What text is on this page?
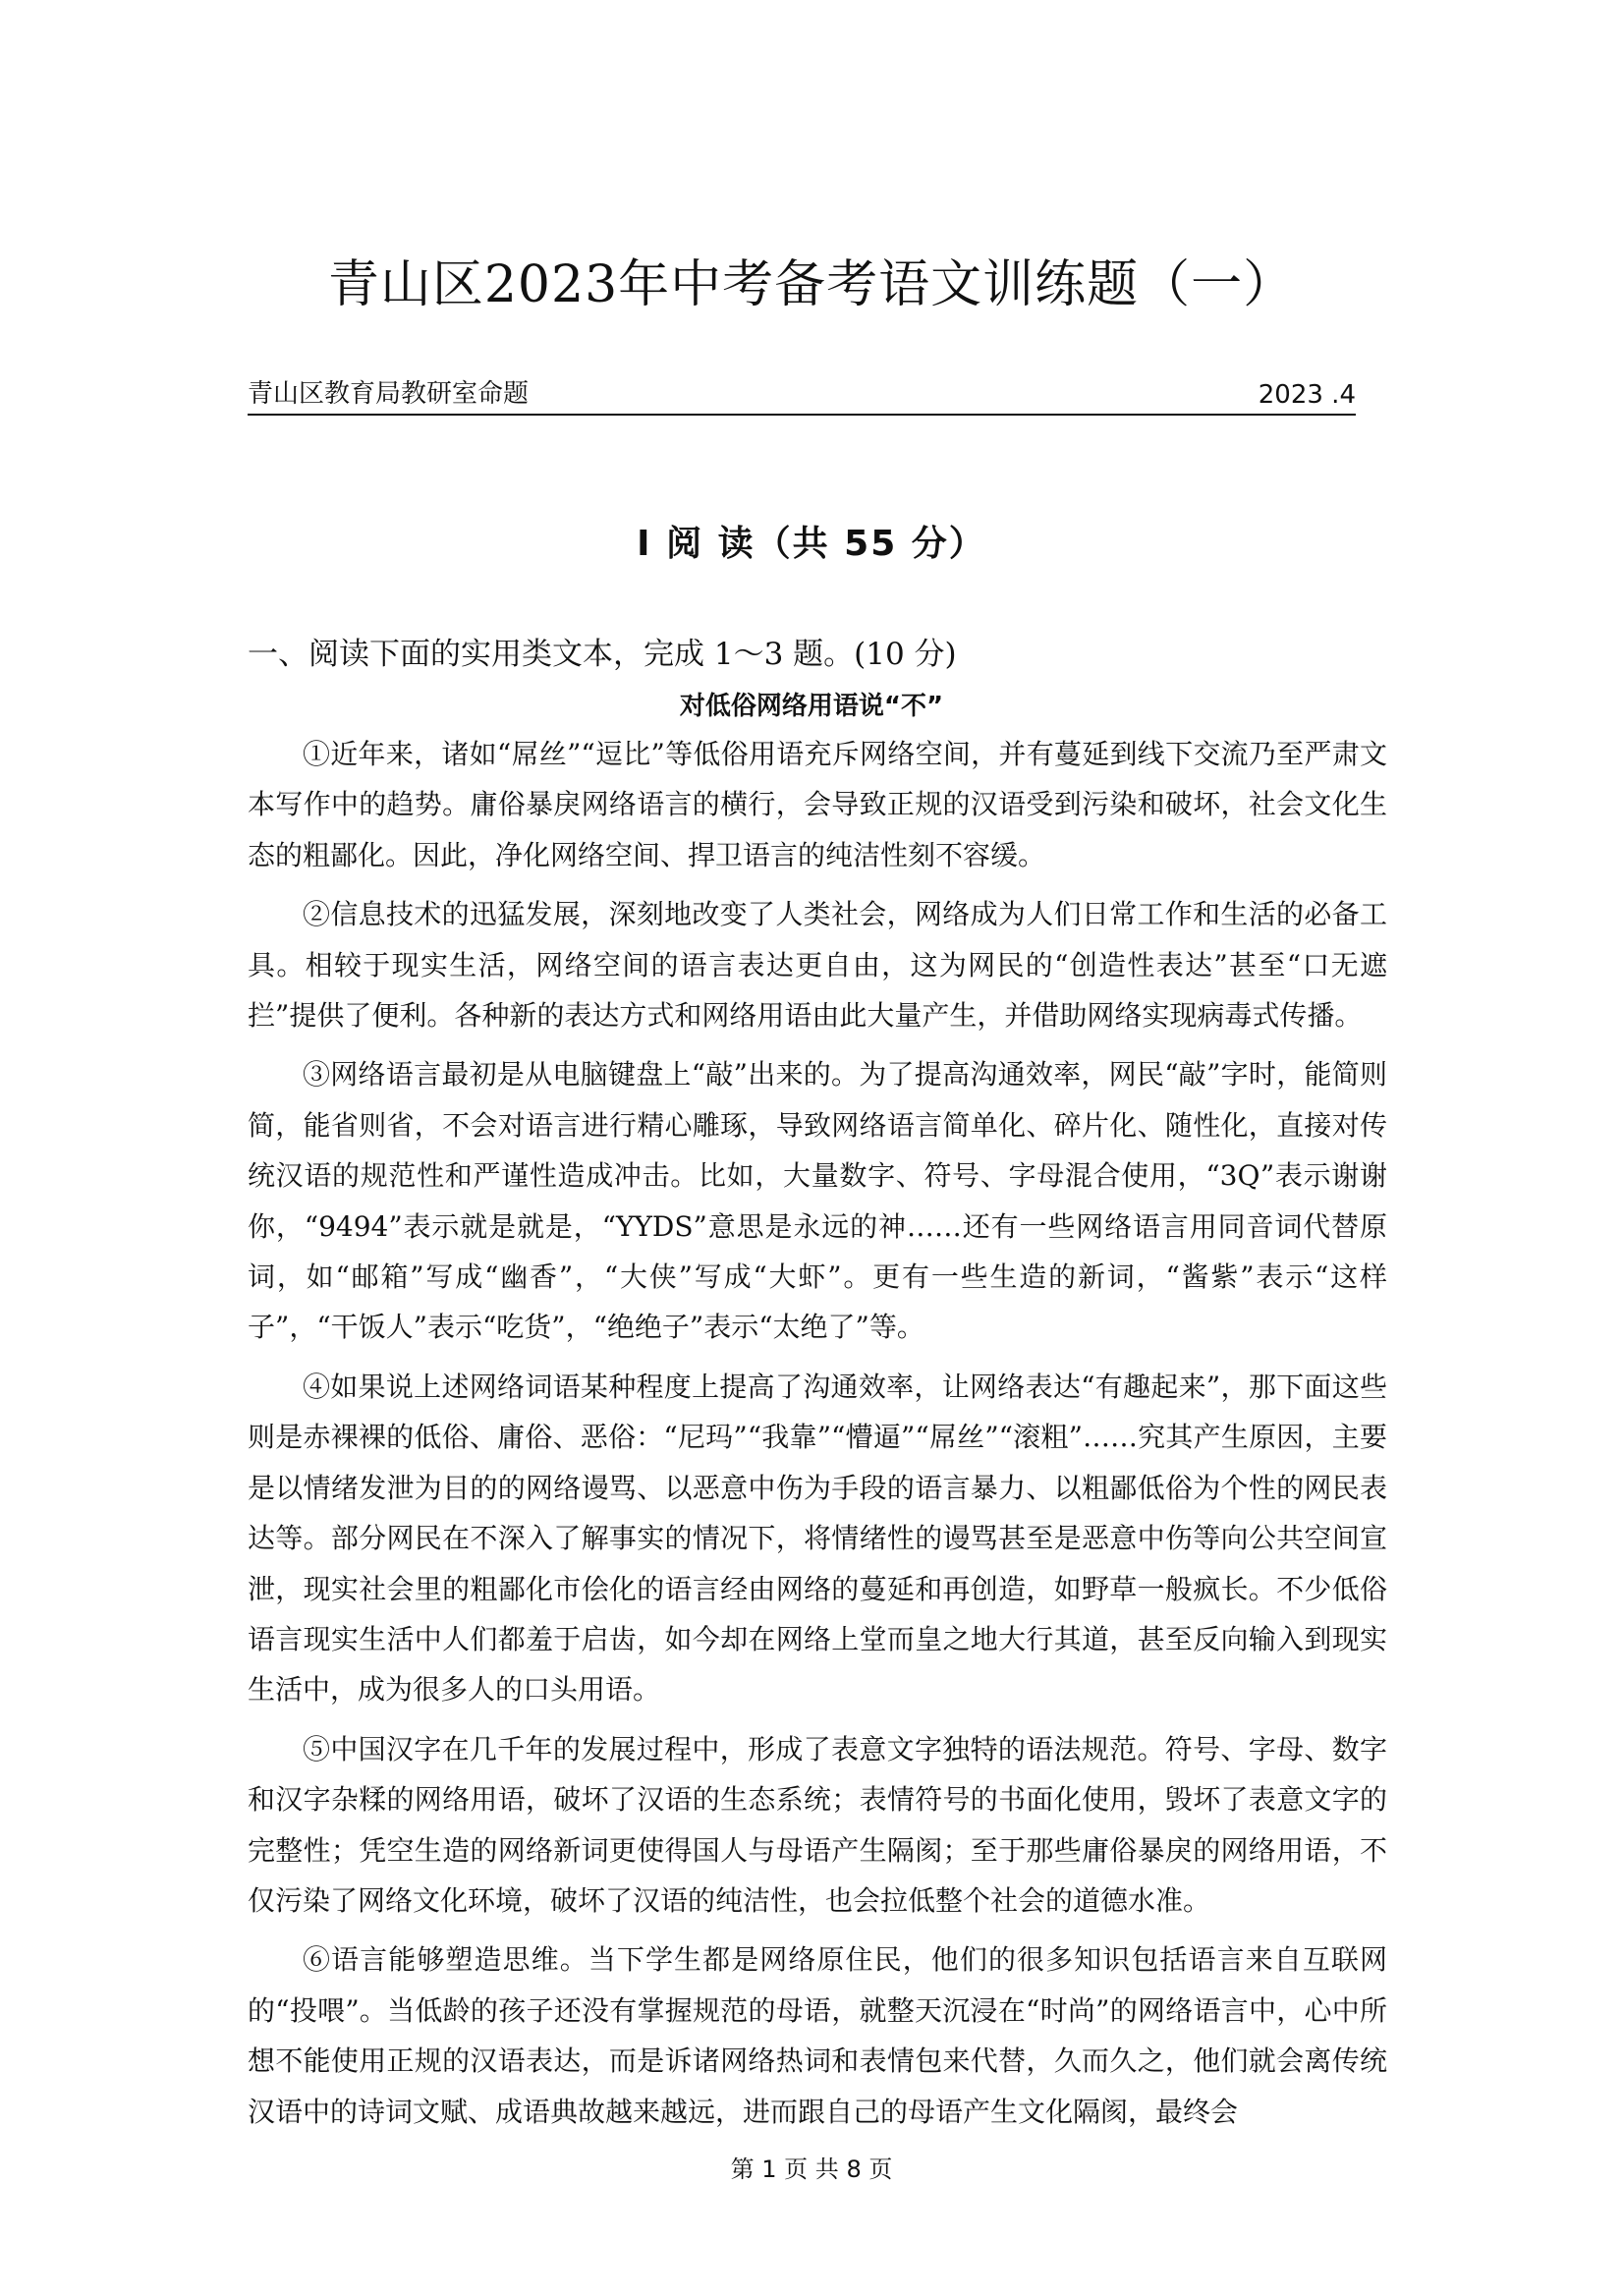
青山区2023年中考备考语文训练题（一）
青山区教育局教研室命题	2023 .4
I 阅 读（共 55 分）
一、阅读下面的实用类文本，完成 1～3 题。(10 分)
对低俗网络用语说“不”

①近年来，诸如“屌丝”“逗比”等低俗用语充斥网络空间，并有蔓延到线下交流乃至严肃文本写作中的趋势。庸俗暴戾网络语言的横行，会导致正规的汉语受到污染和破坏，社会文化生态的粗鄙化。因此，净化网络空间、捍卫语言的纯洁性刻不容缓。

②信息技术的迅猛发展，深刻地改变了人类社会，网络成为人们日常工作和生活的必备工具。相较于现实生活，网络空间的语言表达更自由，这为网民的“创造性表达”甚至“口无遮拦”提供了便利。各种新的表达方式和网络用语由此大量产生，并借助网络实现病毒式传播。

③网络语言最初是从电脑键盘上“敲”出来的。为了提高沟通效率，网民“敲”字时，能简则简，能省则省，不会对语言进行精心雕琢，导致网络语言简单化、碎片化、随性化，直接对传统汉语的规范性和严谨性造成冲击。比如，大量数字、符号、字母混合使用，“3Q”表示谢谢你，“9494”表示就是就是，“YYDS”意思是永远的神……还有一些网络语言用同音词代替原词，如“邮箱”写成“幽香”，“大侠”写成“大虾”。更有一些生造的新词，“酱紫”表示“这样子”，“干饭人”表示“吃货”，“绝绝子”表示“太绝了”等。

④如果说上述网络词语某种程度上提高了沟通效率，让网络表达“有趣起来”，那下面这些则是赤裸裸的低俗、庸俗、恶俗：“尼玛”“我靠”“懵逼”“屌丝”“滚粗”……究其产生原因，主要是以情绪发泄为目的的网络谩骂、以恶意中伤为手段的语言暴力、以粗鄙低俗为个性的网民表达等。部分网民在不深入了解事实的情况下，将情绪性的谩骂甚至是恶意中伤等向公共空间宣泄，现实社会里的粗鄙化市侩化的语言经由网络的蔓延和再创造，如野草一般疯长。不少低俗语言现实生活中人们都羞于启齿，如今却在网络上堂而皇之地大行其道，甚至反向输入到现实生活中，成为很多人的口头用语。

⑤中国汉字在几千年的发展过程中，形成了表意文字独特的语法规范。符号、字母、数字和汉字杂糅的网络用语，破坏了汉语的生态系统；表情符号的书面化使用，毁坏了表意文字的完整性；凭空生造的网络新词更使得国人与母语产生隔阂；至于那些庸俗暴戾的网络用语，不仅污染了网络文化环境，破坏了汉语的纯洁性，也会拉低整个社会的道德水准。

⑥语言能够塑造思维。当下学生都是网络原住民，他们的很多知识包括语言来自互联网的“投喂”。当低龄的孩子还没有掌握规范的母语，就整天沉浸在“时尚”的网络语言中，心中所想不能使用正规的汉语表达，而是诉诸网络热词和表情包来代替，久而久之，他们就会离传统汉语中的诗词文赋、成语典故越来越远，进而跟自己的母语产生文化隔阂，最终会

第 1 页 共 8 页
